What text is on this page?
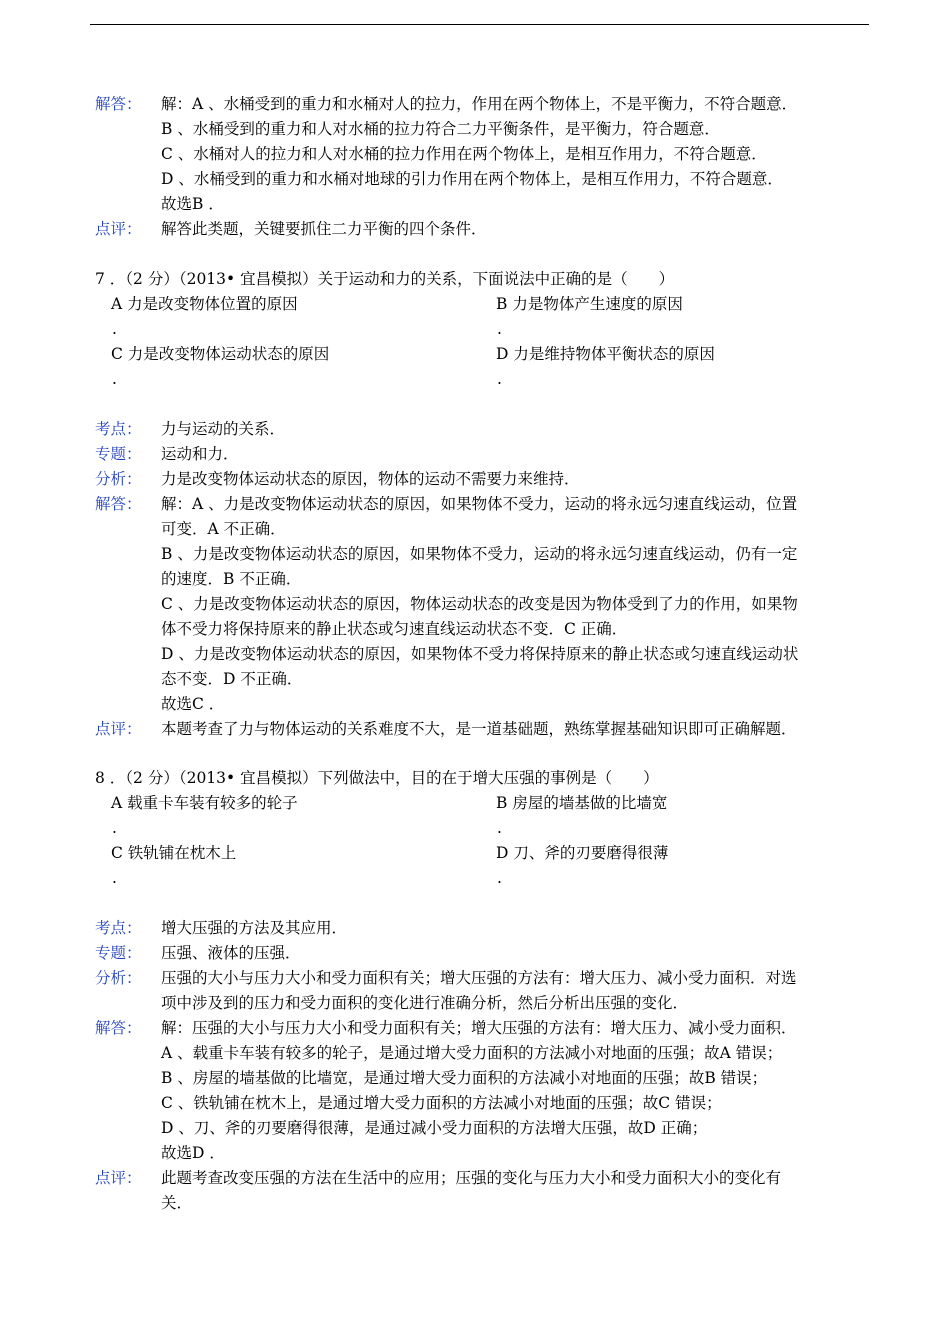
解答： 解：A 、水桶受到的重力和水桶对人的拉力，作用在两个物体上，不是平衡力，不符合题意．
B 、水桶受到的重力和人对水桶的拉力符合二力平衡条件，是平衡力，符合题意．
C 、水桶对人的拉力和人对水桶的拉力作用在两个物体上，是相互作用力，不符合题意．
D 、水桶受到的重力和水桶对地球的引力作用在两个物体上，是相互作用力，不符合题意．
故选B ．
点评： 解答此类题，关键要抓住二力平衡的四个条件．
7 ．（2 分）（2013• 宜昌模拟）关于运动和力的关系，下面说法中正确的是（　　）
A 力是改变物体位置的原因	B 力是物体产生速度的原因
.	.
C 力是改变物体运动状态的原因	D 力是维持物体平衡状态的原因
.	.
考点： 力与运动的关系．
专题： 运动和力．
分析： 力是改变物体运动状态的原因，物体的运动不需要力来维持．
解答： 解：A 、力是改变物体运动状态的原因，如果物体不受力，运动的将永远匀速直线运动，位置
可变．A 不正确．
B 、力是改变物体运动状态的原因，如果物体不受力，运动的将永远匀速直线运动，仍有一定
的速度．B 不正确．
C 、力是改变物体运动状态的原因，物体运动状态的改变是因为物体受到了力的作用，如果物
体不受力将保持原来的静止状态或匀速直线运动状态不变．C 正确．
D 、力是改变物体运动状态的原因，如果物体不受力将保持原来的静止状态或匀速直线运动状
态不变．D 不正确．
故选C ．
点评： 本题考查了力与物体运动的关系难度不大，是一道基础题，熟练掌握基础知识即可正确解题．
8 ．（2 分）（2013• 宜昌模拟）下列做法中，目的在于增大压强的事例是（　　）
A 载重卡车装有较多的轮子	B 房屋的墙基做的比墙宽
.	.
C 铁轨铺在枕木上	D 刀、斧的刃要磨得很薄
.	.
考点： 增大压强的方法及其应用．
专题： 压强、液体的压强．
分析： 压强的大小与压力大小和受力面积有关；增大压强的方法有：增大压力、减小受力面积．对选
项中涉及到的压力和受力面积的变化进行准确分析，然后分析出压强的变化．
解答： 解：压强的大小与压力大小和受力面积有关；增大压强的方法有：增大压力、减小受力面积．
A 、载重卡车装有较多的轮子，是通过增大受力面积的方法减小对地面的压强；故A 错误；
B 、房屋的墙基做的比墙宽，是通过增大受力面积的方法减小对地面的压强；故B 错误；
C 、铁轨铺在枕木上，是通过增大受力面积的方法减小对地面的压强；故C 错误；
D 、刀、斧的刃要磨得很薄，是通过减小受力面积的方法增大压强，故D 正确；
故选D ．
点评： 此题考查改变压强的方法在生活中的应用；压强的变化与压力大小和受力面积大小的变化有
关．
